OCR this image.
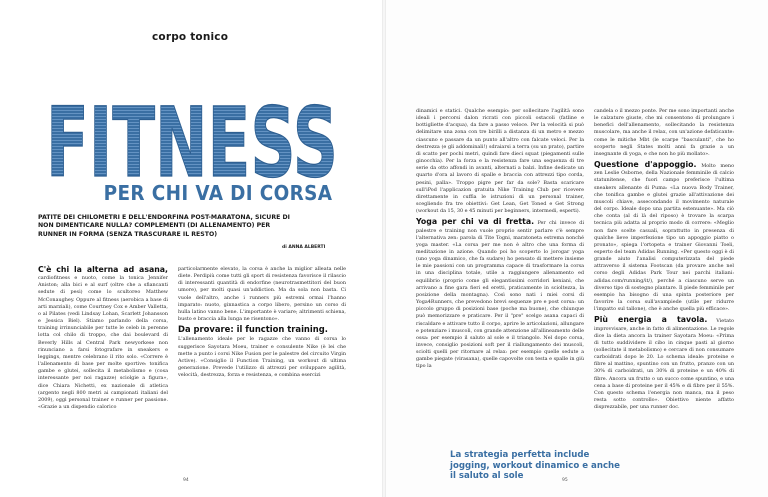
corpo tonico
FITNESS
PER CHI VA DI CORSA
PATITE DEI CHILOMETRI E DELL'ENDORFINA POST-MARATONA, SICURE DI NON DIMENTICARE NULLA? COMPLEMENTI (DI ALLENAMENTO) PER RUNNER IN FORMA (SENZA TRASCURARE IL RESTO)
di ANNA ALBERTI

C'è chi la alterna ad asana, cardiofitness e nuoto, come la tonica Jennifer Aniston; alla bici e al surf (oltre che a sfiancanti sedute di pesi) come lo scultoreo Matthew McConaughey. Oppure al fitness (aerobica a base di arti marziali), come Courtney Cox e Amber Valletta, o al Pilates (vedi Lindsay Lohan, Scarlett Johansson e Jessica Biel). Stiamo parlando della corsa, training irrinunciabile per tutte le celeb in perenne lotta col chilo di troppo, che dai boulevard di Beverly Hills al Central Park newyorkese non rinunciano a farsi fotografare in sneakers e leggings, mentre celebrano il rito solo. «Correre è l'allenamento di base per molte sportive: tonifica gambe e glutei, sollecita il metabolismo e (cosa interessante per noi ragazze) sciolgie a figura», dice Chiara Nichetti, ex nazionale di atletica (argento negli 800 metri ai campionati italiani del 2009), oggi personal trainer e runner per passione. «Grazie a un dispendio calorico

particolarmente elevato, la corsa è anche la miglior alleata nelle diete. Perdipiù come tutti gli sport di resistenza favorisce il rilascio di interessanti quantità di endorfine (neurotrasmettitori del buon umore), per molti quasi un'addiction. Ma da sola non basta. Ci vuole dell'altro, anche i runners più estremi ormai l'hanno imparato: nuoto, ginnastica a corpo libero, persino un corso di hulla latino vanno bene. L'importante è variare; altrimenti schiena, busto e braccia alla lunga ne risentono».

Da provare: il function training.

L'allenamento ideale per le ragazze che vanno di corsa lo suggerisce Sayotara Moeu, trainer e consulente Nike (è lei che mette a punto i corsi Nike Fusion per le palestre del circuito Virgin Active). «Consiglio il Function Training, un workout di ultima generazione. Prevede l'utilizzo di attrezzi per sviluppare agilità, velocità, destrezza, forza e resistenza, e combina esercizi

dinamici e statici. Qualche esempio: per sollecitare l'agilità sono ideali i percorsi dalon ricrati con piccoli ostacoli (fatline e bottigliette d'acqua), da fare a passo veloce. Per la velocità si può delimitare una zona con tre birilli a distanza di un metro e mezzo ciascuno e passare da un punto all'altro con falcate veloci. Per la destrezza (e gli addominali!) sdraiarsi a terra (su un prato), partire di scatto per pochi metri, quindi fare dieci squat (piegamenti sulle ginocchia). Per la forza e la resistenza fare una sequenza di tre serie da otto affondi in avanti, alternati a balzi. Infine dedicate un quarto d'ora al lavoro di spalle e braccia con attrezzi tipo corda, pesini, palla». Troppo pigre per far da sole? Basta scaricare sull'iPod l'applicazion gratuita Nike Training Club per ricevere direttamente in cuffia le istruzioni di un personal trainer, scegliendo fra tre obiettivi: Get Lean, Get Toned e Get Strong (workout da 15, 30 e 45 minuti per beginners, intermedi, esperti).

Yoga per chi va di fretta. Per chi invece di palestre e training non vuole proprio sentir parlare c'è sempre l'alternativa zen: parola di Tite Togni, maratoneta estrema nonché yoga master. «La corsa per me non è altro che una forma di meditazione in azione. Quando poi ho scoperto lo jorogar yoga (uno yoga dinamico, che fa sudare) ho pensato di mettere insieme le mie passioni con un programma capace di trasformare la corsa in una disciplina totale, utile a raggiungere allenamento ed equilibrio (proprio come gli elegantissimi corridori keniani, che arrivano a fine gara fieri ed eretti, praticamente in scioltezza, la posizione della montagna). Così sono nati i miei corsi di Yoga4Runners, che prevedono brevi sequenze pre e post corsa: un piccolo gruppo di posizioni base (poche ma buone), che chiunque può memorizzare e praticare. Per il "pre" scelgo asana capaci di riscaldare e attivare tutto il corpo, aprire le articolazioni, allungare e potenziare i muscoli, con grande attenzione all'allineamento delle ossa: per esempio il saluto al sole e il triangolo. Nel dopo corsa, invece, consiglio posizioni soft per il riallungamento dei muscoli, sciolti quelli per ritornare al relax: per esempio quelle sedute a gambe piegate (virasana), quelle capovolte con testa e spalle in giù tipo la

candela o il mezzo ponte. Per me sono importanti anche le calzature giuste, che mi consentono di prolungare i benefici dell'allenamento, sollecitando la resistenza muscolare, ma anche il relax, con un'azione defaticante: come le mitiche Mbt (le scarpe "basculanti", che ho scoperto negli States molti anni fa grazie a un insegnante di yoga, e che non ho più mollato».

Questione d'appoggio. Molto meno zen Leslie Osborne, della Nazionale femminile di calcio statunitense, che fuori campo preferisce l'ultima sneakers allenante di Puma: «La nuova Body Trainer, che tonifica gambe e glutei grazie all'attivazione dei muscoli chiave, assecondando il movimento naturale del corpo. Ideale dopo una partita estenuante». Ma ciò che conta (al di là del riposo) è trovare la scarpa tecnica più adatta al proprio modo di correre: «Meglio non fare scelte casuali, soprattutto in presenza di qualche lieve imperfezione tipo un appoggio piatto o pronato», spiega l'ortopeta e trainer Giovanni Toeli, esperto del team Adidas Running. «Per questo oggi è di grande aiuto l'analisi computerizzata del piede attraverso il sistema Footscan (da provare anche nel corso degli Adidas Park Tour nei parchi italiani: adidas.com/running/it/), perché a ciascuno serve un diverso tipo di sostegno plantare. Il piede femminile per esempio ha bisogno di una spinta posteriore per favorire la corsa sull'avampiede (utile per ridurre l'impatto sul tallone), che è anche quella più efficace».

Più energia a tavola. Vietato improvvisare, anche in fatto di alimentazione. Le regole dice la dieta ancora la trainer Sayotara Moeu: «Prima di tutto suddividere il cibo in cinque pasti al giorno (sollecitate il metabolismo) e cercare di non consumare carboidrati dopo le 20. Lo schema ideale: proteine e fibre al mattino, spuntino con un frutto, pranzo con un 30% di carboidrati, un 30% di proteine e un 40% di fibre. Ancora un frutto o un succo come spuntino, e una cena a base di proteine per il 45% e di fibre per il 55%. Con questo schema l'energia non manca, ma il peso resta sotto controllo». Obiettivo niente affatto disprezzabile, per una runner doc.

La strategia perfetta include jogging, workout dinamico e anche il saluto al sole
94	95
